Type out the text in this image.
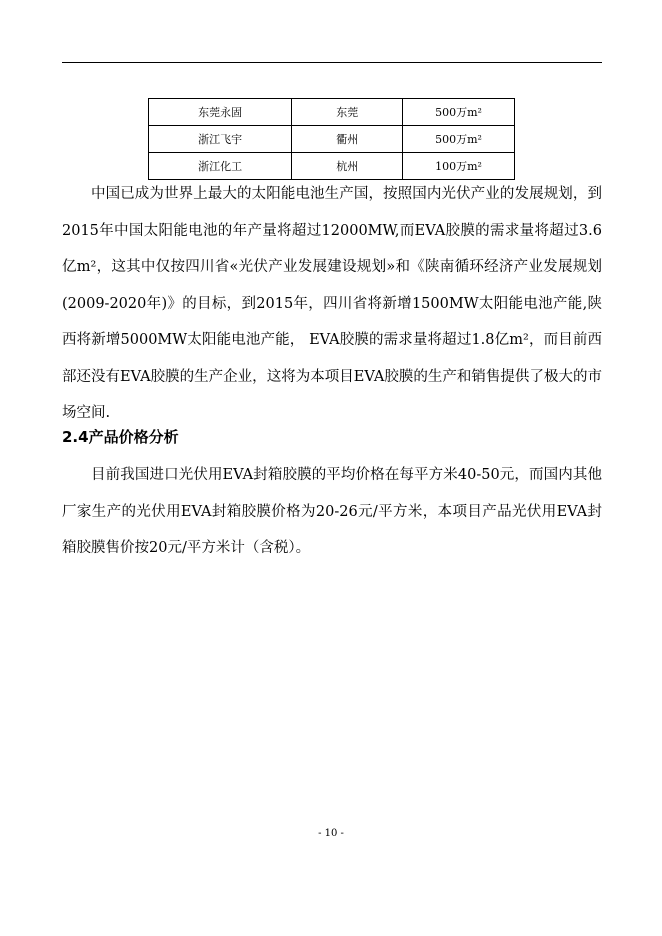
东莞永固	东莞	500万m²
浙江飞宇	衢州	500万m²
浙江化工	杭州	100万m²

中国已成为世界上最大的太阳能电池生产国，按照国内光伏产业的发展规划，到2015年中国太阳能电池的年产量将超过12000MW,而EVA胶膜的需求量将超过3.6亿m²，这其中仅按四川省«光伏产业发展建设规划»和《陕南循环经济产业发展规划(2009-2020年)》的目标，到2015年，四川省将新增1500MW太阳能电池产能,陕西将新增5000MW太阳能电池产能， EVA胶膜的需求量将超过1.8亿m²，而目前西部还没有EVA胶膜的生产企业，这将为本项目EVA胶膜的生产和销售提供了极大的市场空间.

2.4产品价格分析

目前我国进口光伏用EVA封箱胶膜的平均价格在每平方米40-50元，而国内其他厂家生产的光伏用EVA封箱胶膜价格为20-26元/平方米，本项目产品光伏用EVA封箱胶膜售价按20元/平方米计（含税）。

- 10 -
